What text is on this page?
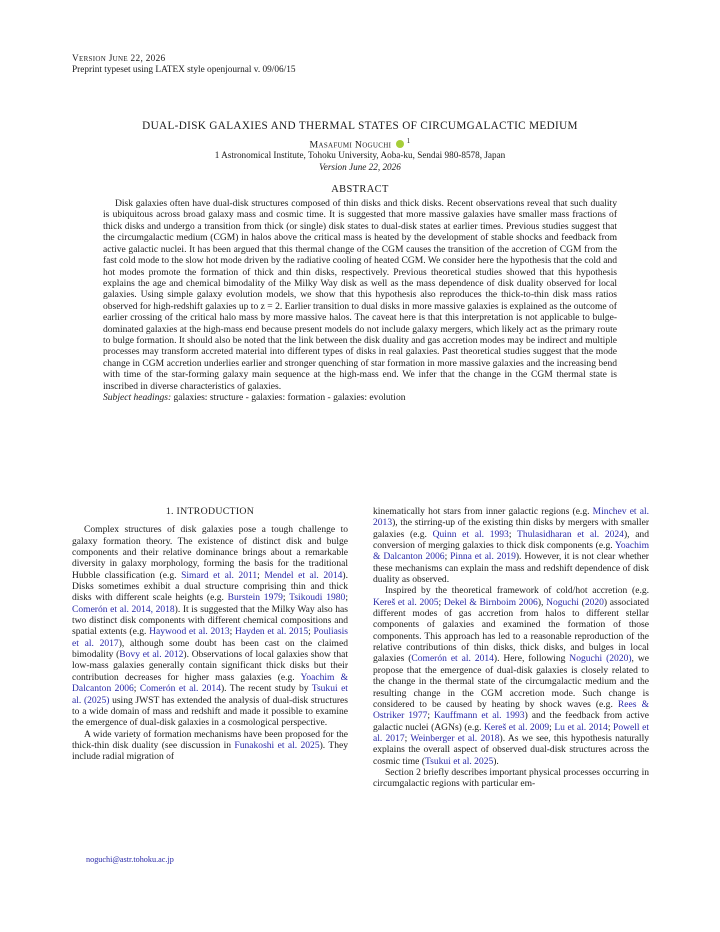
Version June 22, 2026
Preprint typeset using LATEX style openjournal v. 09/06/15
DUAL-DISK GALAXIES AND THERMAL STATES OF CIRCUMGALACTIC MEDIUM
Masafumi Noguchi $^1$
1 Astronomical Institute, Tohoku University, Aoba-ku, Sendai 980-8578, Japan
Version June 22, 2026
ABSTRACT

Disk galaxies often have dual-disk structures composed of thin disks and thick disks. Recent observations reveal that such duality is ubiquitous across broad galaxy mass and cosmic time. It is suggested that more massive galaxies have smaller mass fractions of thick disks and undergo a transition from thick (or single) disk states to dual-disk states at earlier times. Previous studies suggest that the circumgalactic medium (CGM) in halos above the critical mass is heated by the development of stable shocks and feedback from active galactic nuclei. It has been argued that this thermal change of the CGM causes the transition of the accretion of CGM from the fast cold mode to the slow hot mode driven by the radiative cooling of heated CGM. We consider here the hypothesis that the cold and hot modes promote the formation of thick and thin disks, respectively. Previous theoretical studies showed that this hypothesis explains the age and chemical bimodality of the Milky Way disk as well as the mass dependence of disk duality observed for local galaxies. Using simple galaxy evolution models, we show that this hypothesis also reproduces the thick-to-thin disk mass ratios observed for high-redshift galaxies up to z = 2. Earlier transition to dual disks in more massive galaxies is explained as the outcome of earlier crossing of the critical halo mass by more massive halos. The caveat here is that this interpretation is not applicable to bulge-dominated galaxies at the high-mass end because present models do not include galaxy mergers, which likely act as the primary route to bulge formation. It should also be noted that the link between the disk duality and gas accretion modes may be indirect and multiple processes may transform accreted material into different types of disks in real galaxies. Past theoretical studies suggest that the mode change in CGM accretion underlies earlier and stronger quenching of star formation in more massive galaxies and the increasing bend with time of the star-forming galaxy main sequence at the high-mass end. We infer that the change in the CGM thermal state is inscribed in diverse characteristics of galaxies.

Subject headings: galaxies: structure - galaxies: formation - galaxies: evolution

1. INTRODUCTION

Complex structures of disk galaxies pose a tough challenge to galaxy formation theory. The existence of distinct disk and bulge components and their relative dominance brings about a remarkable diversity in galaxy morphology, forming the basis for the traditional Hubble classification (e.g. Simard et al. 2011; Mendel et al. 2014). Disks sometimes exhibit a dual structure comprising thin and thick disks with different scale heights (e.g. Burstein 1979; Tsikoudi 1980; Comerón et al. 2014, 2018). It is suggested that the Milky Way also has two distinct disk components with different chemical compositions and spatial extents (e.g. Haywood et al. 2013; Hayden et al. 2015; Pouliasis et al. 2017), although some doubt has been cast on the claimed bimodality (Bovy et al. 2012). Observations of local galaxies show that low-mass galaxies generally contain significant thick disks but their contribution decreases for higher mass galaxies (e.g. Yoachim & Dalcanton 2006; Comerón et al. 2014). The recent study by Tsukui et al. (2025) using JWST has extended the analysis of dual-disk structures to a wide domain of mass and redshift and made it possible to examine the emergence of dual-disk galaxies in a cosmological perspective.

A wide variety of formation mechanisms have been proposed for the thick-thin disk duality (see discussion in Funakoshi et al. 2025). They include radial migration of

kinematically hot stars from inner galactic regions (e.g. Minchev et al. 2013), the stirring-up of the existing thin disks by mergers with smaller galaxies (e.g. Quinn et al. 1993; Thulasidharan et al. 2024), and conversion of merging galaxies to thick disk components (e.g. Yoachim & Dalcanton 2006; Pinna et al. 2019). However, it is not clear whether these mechanisms can explain the mass and redshift dependence of disk duality as observed.

Inspired by the theoretical framework of cold/hot accretion (e.g. Kereš et al. 2005; Dekel & Birnboim 2006), Noguchi (2020) associated different modes of gas accretion from halos to different stellar components of galaxies and examined the formation of those components. This approach has led to a reasonable reproduction of the relative contributions of thin disks, thick disks, and bulges in local galaxies (Comerón et al. 2014). Here, following Noguchi (2020), we propose that the emergence of dual-disk galaxies is closely related to the change in the thermal state of the circumgalactic medium and the resulting change in the CGM accretion mode. Such change is considered to be caused by heating by shock waves (e.g. Rees & Ostriker 1977; Kauffmann et al. 1993) and the feedback from active galactic nuclei (AGNs) (e.g. Kereš et al. 2009; Lu et al. 2014; Powell et al. 2017; Weinberger et al. 2018). As we see, this hypothesis naturally explains the overall aspect of observed dual-disk structures across the cosmic time (Tsukui et al. 2025).

Section 2 briefly describes important physical processes occurring in circumgalactic regions with particular em-

noguchi@astr.tohoku.ac.jp
